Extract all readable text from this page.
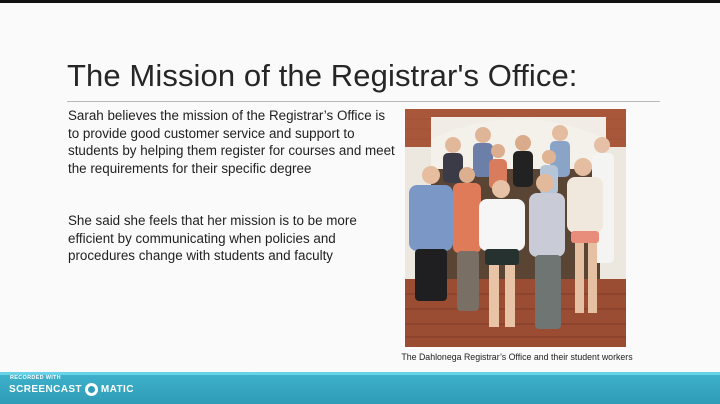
The Mission of the Registrar's Office:

Sarah believes the mission of the Registrar’s Office is to provide good customer service and support to students by helping them register for courses and meet the requirements for their specific degree

She said she feels that her mission is to be more efficient by communicating when policies and procedures change with students and faculty

The Dahlonega Registrar’s Office and their student workers

RECORDED WITH
SCREENCAST MATIC
